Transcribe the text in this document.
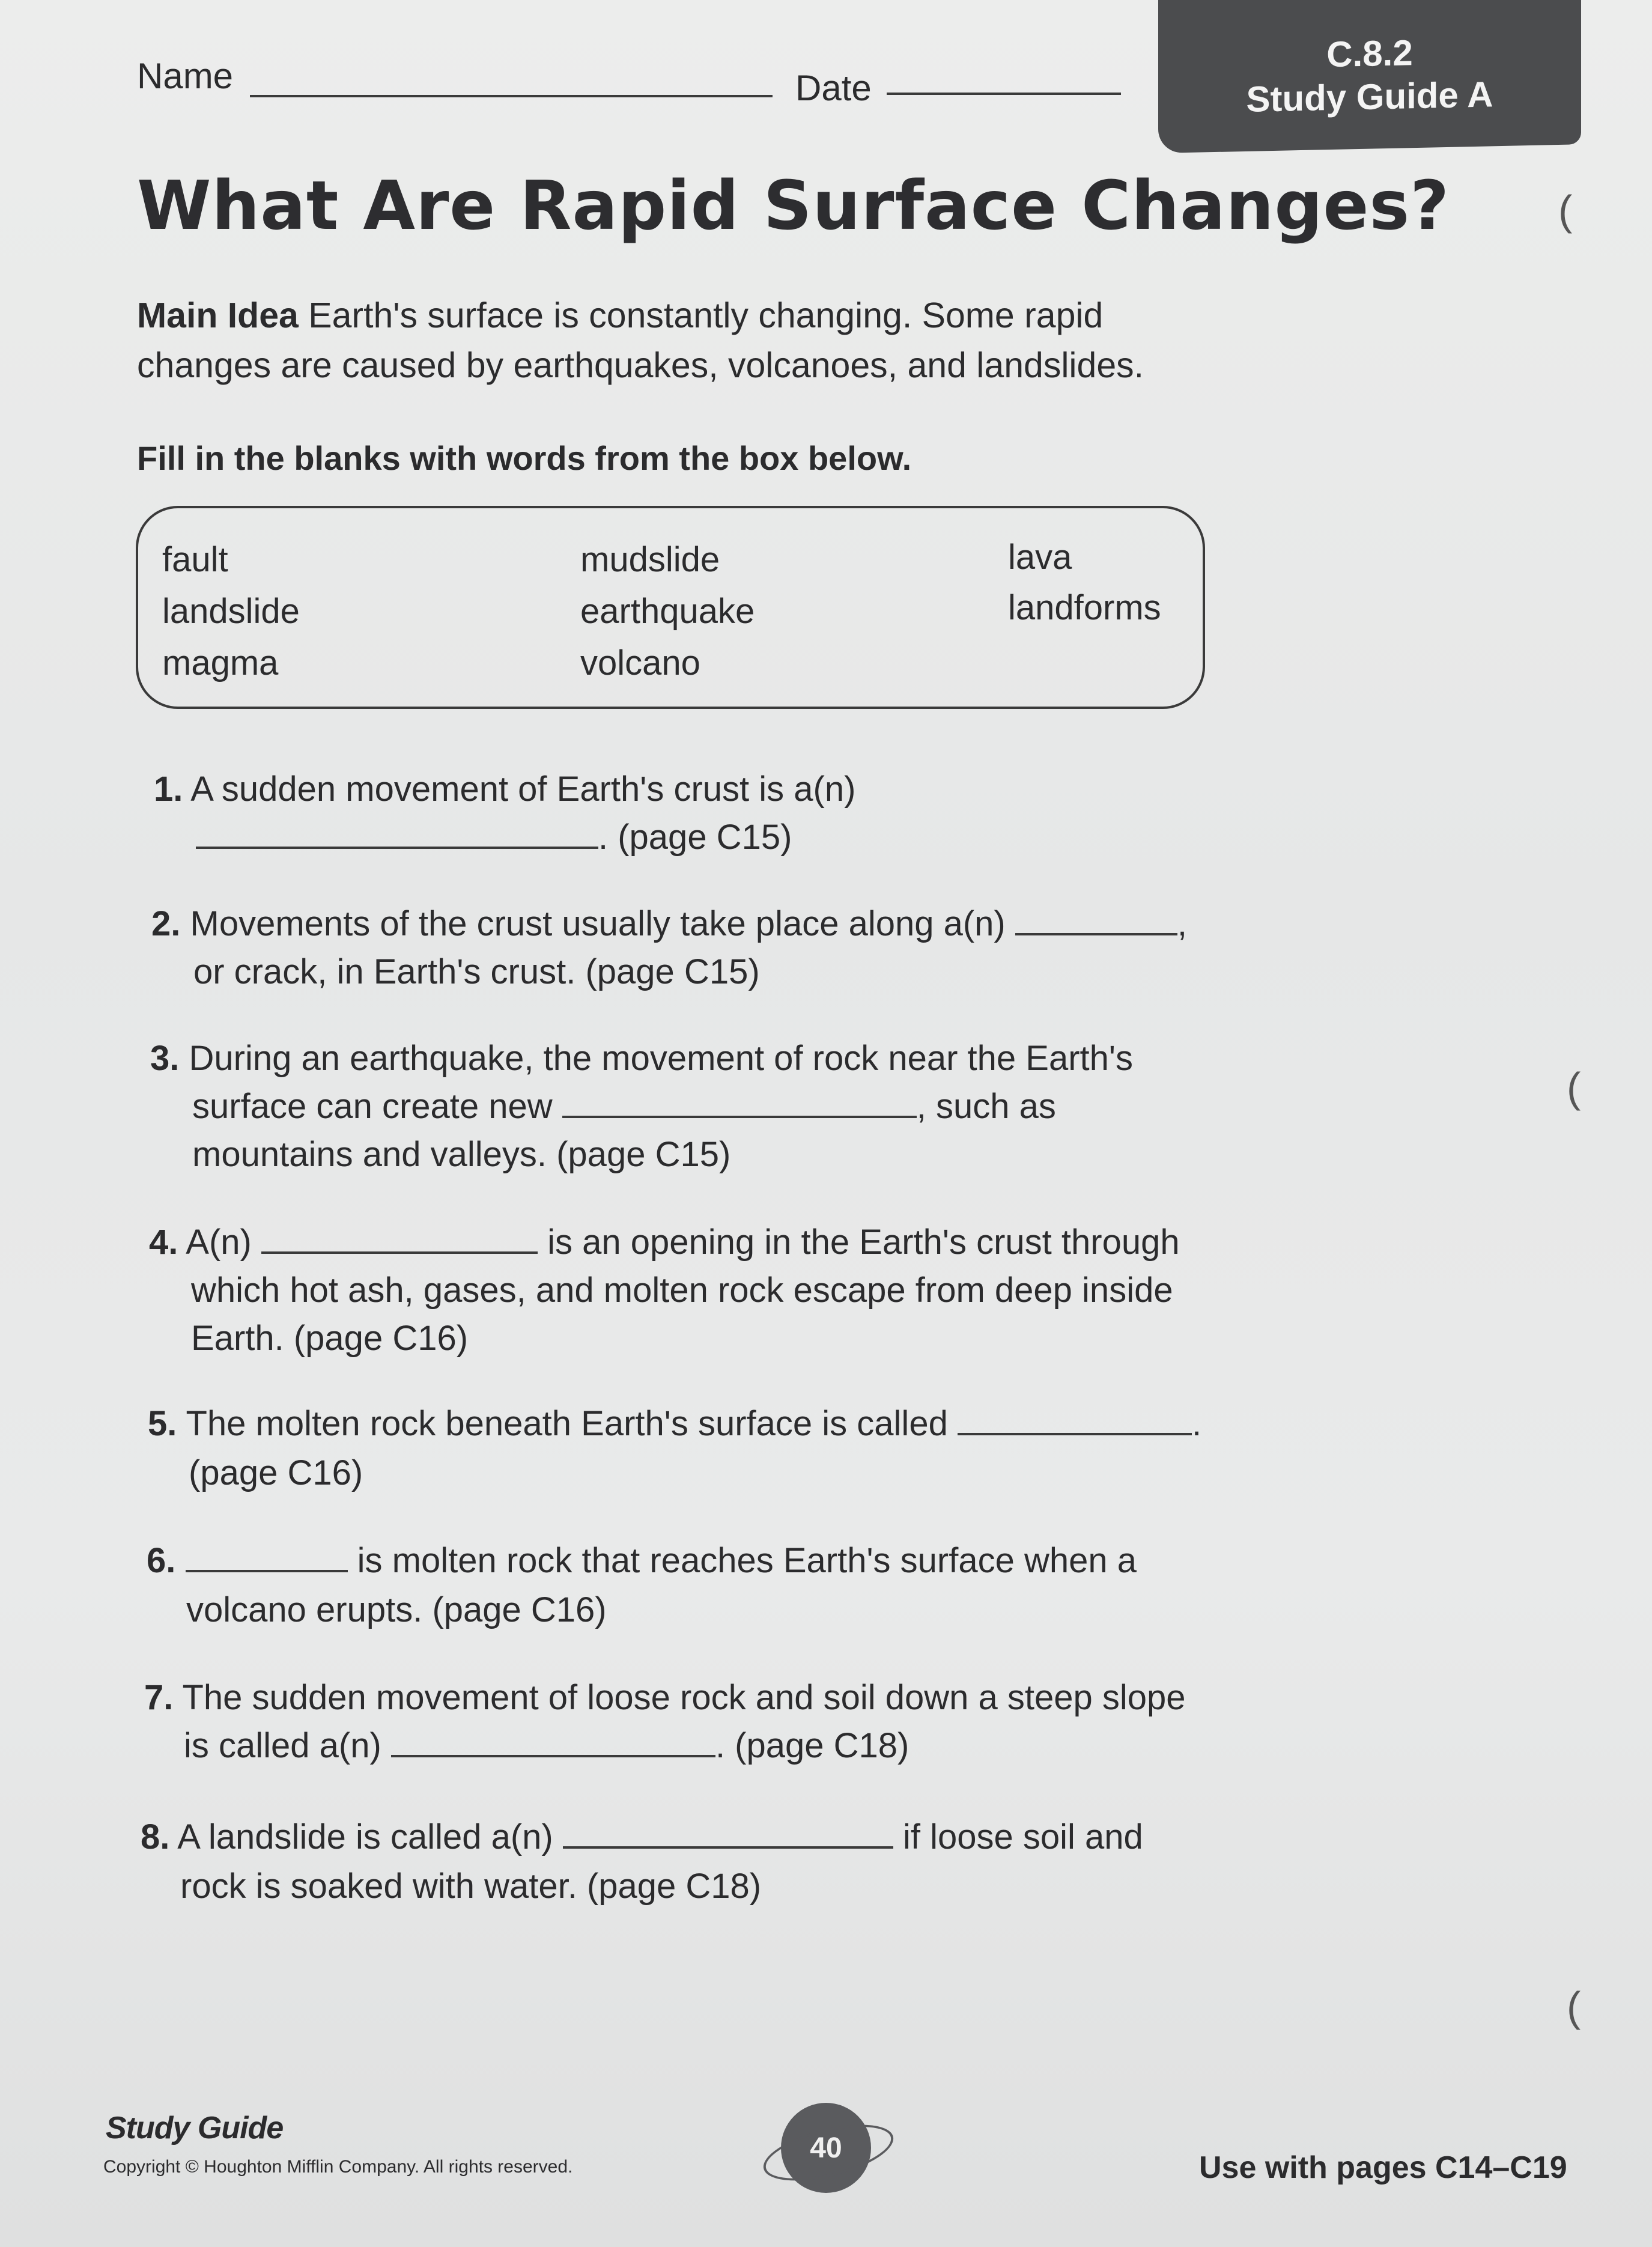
Name	Date
C.8.2
Study Guide A
What Are Rapid Surface Changes?
Main Idea Earth's surface is constantly changing. Some rapid changes are caused by earthquakes, volcanoes, and landslides.
Fill in the blanks with words from the box below.
fault
landslide
magma
mudslide
earthquake
volcano
lava
landforms
1. A sudden movement of Earth's crust is a(n)
. (page C15)
2. Movements of the crust usually take place along a(n)	,
or crack, in Earth's crust. (page C15)
3. During an earthquake, the movement of rock near the Earth's
surface can create new	, such as
mountains and valleys. (page C15)
4. A(n)	is an opening in the Earth's crust through
which hot ash, gases, and molten rock escape from deep inside
Earth. (page C16)
5. The molten rock beneath Earth's surface is called	.
(page C16)
6.	is molten rock that reaches Earth's surface when a
volcano erupts. (page C16)
7. The sudden movement of loose rock and soil down a steep slope
is called a(n)	. (page C18)
8. A landslide is called a(n)	if loose soil and
rock is soaked with water. (page C18)
(
(
(
Study Guide
Copyright © Houghton Mifflin Company. All rights reserved.
40
Use with pages C14–C19
